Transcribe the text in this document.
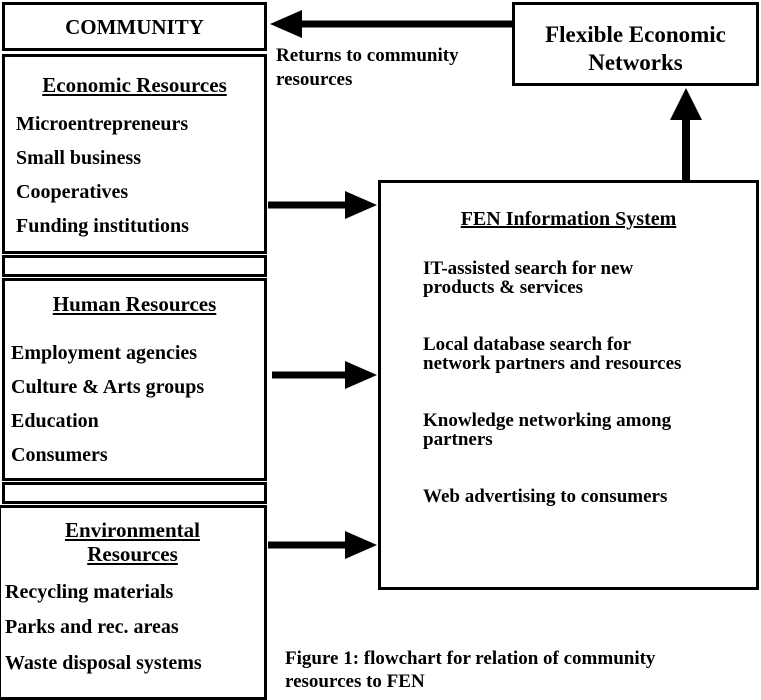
COMMUNITY
Economic Resources
Microentrepreneurs
Small business
Cooperatives
Funding institutions
Human Resources
Employment agencies
Culture & Arts groups
Education
Consumers
Environmental
Resources
Recycling materials
Parks and rec. areas
Waste disposal systems
Flexible Economic
Networks
FEN Information System
IT-assisted search for new
products & services
Local database search for
network partners and resources
Knowledge networking among
partners
Web advertising to consumers
Returns to community
resources
Figure 1: flowchart for relation of community
resources to FEN
